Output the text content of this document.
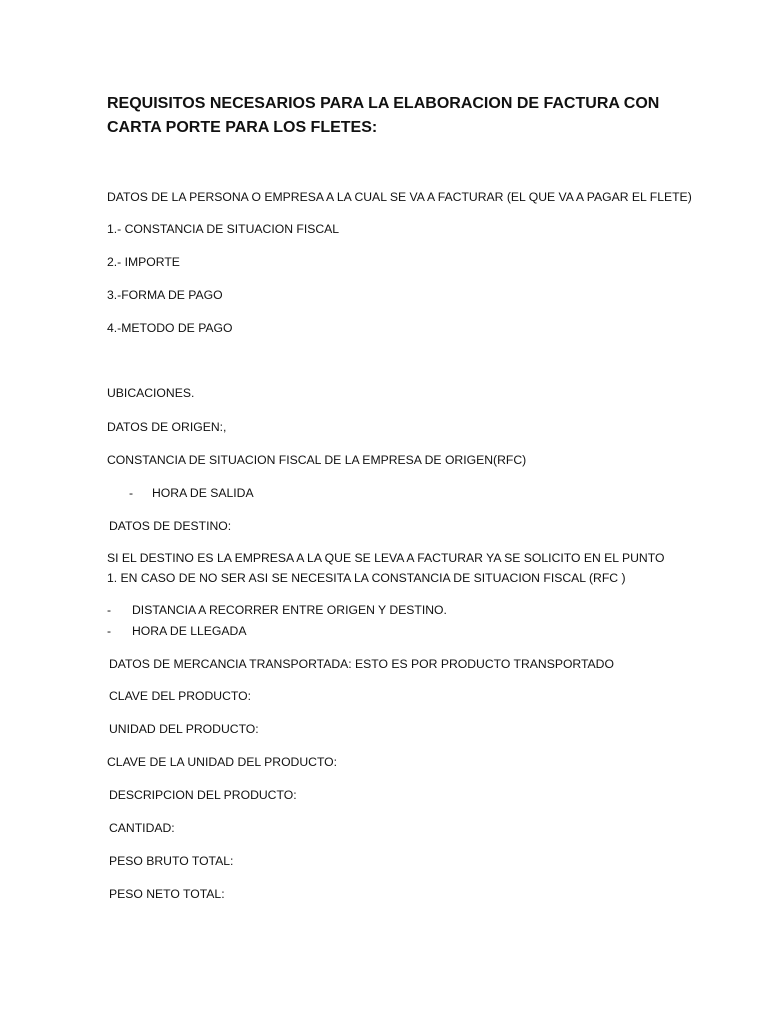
REQUISITOS NECESARIOS PARA LA ELABORACION DE FACTURA CON CARTA PORTE PARA LOS FLETES:

DATOS DE LA PERSONA O EMPRESA A LA CUAL SE VA A FACTURAR (EL QUE VA A PAGAR EL FLETE)

1.- CONSTANCIA DE SITUACION FISCAL

2.- IMPORTE

3.-FORMA DE PAGO

4.-METODO DE PAGO

UBICACIONES.

DATOS DE ORIGEN:,

CONSTANCIA DE SITUACION FISCAL DE LA EMPRESA DE ORIGEN(RFC)

- HORA DE SALIDA

DATOS DE DESTINO:

SI EL DESTINO ES LA EMPRESA A LA QUE SE LEVA A FACTURAR YA SE SOLICITO EN EL PUNTO 1. EN CASO DE NO SER ASI SE NECESITA LA CONSTANCIA DE SITUACION FISCAL (RFC )

- DISTANCIA A RECORRER ENTRE ORIGEN Y DESTINO.

- HORA DE LLEGADA

DATOS DE MERCANCIA TRANSPORTADA: ESTO ES POR PRODUCTO TRANSPORTADO

CLAVE DEL PRODUCTO:

UNIDAD DEL PRODUCTO:

CLAVE DE LA UNIDAD DEL PRODUCTO:

DESCRIPCION DEL PRODUCTO:

CANTIDAD:

PESO BRUTO TOTAL:

PESO NETO TOTAL:
